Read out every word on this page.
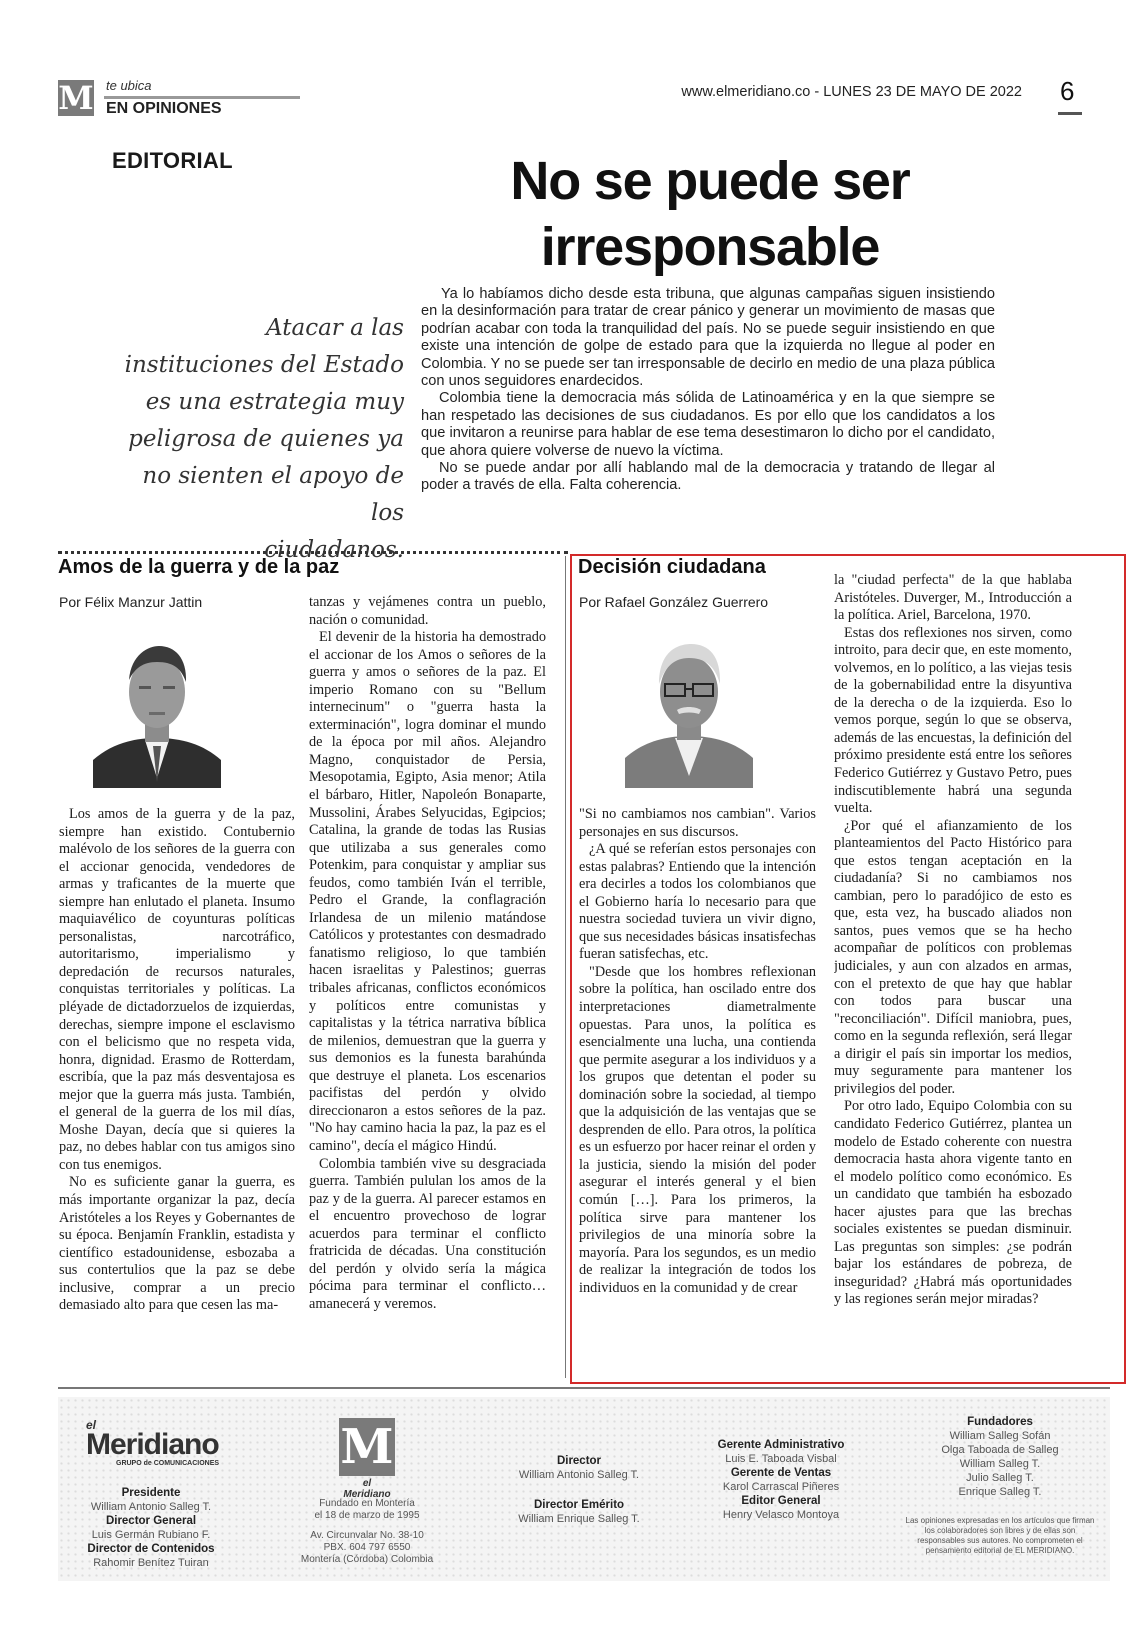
M te ubica
EN OPINIONES
www.elmeridiano.co - LUNES 23 DE MAYO DE 2022 6
EDITORIAL	No se puede ser
irresponsable
Atacar a las
instituciones del Estado
es una estrategia muy
peligrosa de quienes ya
no sienten el apoyo de los
ciudadanos.

Ya lo habíamos dicho desde esta tribuna, que algunas campañas siguen insistiendo en la desinformación para tratar de crear pánico y generar un movimiento de masas que podrían acabar con toda la tranquilidad del país. No se puede seguir insistiendo en que existe una intención de golpe de estado para que la izquierda no llegue al poder en Colombia. Y no se puede ser tan irresponsable de decirlo en medio de una plaza pública con unos seguidores enardecidos.

Colombia tiene la democracia más sólida de Latinoamérica y en la que siempre se han respetado las decisiones de sus ciudadanos. Es por ello que los candidatos a los que invitaron a reunirse para hablar de ese tema desestimaron lo dicho por el candidato, que ahora quiere volverse de nuevo la víctima.

No se puede andar por allí hablando mal de la democracia y tratando de llegar al poder a través de ella. Falta coherencia.

Amos de la guerra y de la paz
Por Félix Manzur Jattin

Los amos de la guerra y de la paz, siempre han existido. Contubernio malévolo de los señores de la guerra con el accionar genocida, vendedores de armas y traficantes de la muerte que siempre han enlutado el planeta. Insumo maquiavélico de coyunturas políticas personalistas, narcotráfico, autoritarismo, imperialismo y depredación de recursos naturales, conquistas territoriales y políticas. La pléyade de dictadorzuelos de izquierdas, derechas, siempre impone el esclavismo con el belicismo que no respeta vida, honra, dignidad. Erasmo de Rotterdam, escribía, que la paz más desventajosa es mejor que la guerra más justa. También, el general de la guerra de los mil días, Moshe Dayan, decía que si quieres la paz, no debes hablar con tus amigos sino con tus enemigos.

No es suficiente ganar la guerra, es más importante organizar la paz, decía Aristóteles a los Reyes y Gobernantes de su época. Benjamín Franklin, estadista y científico estadounidense, esbozaba a sus contertulios que la paz se debe inclusive, comprar a un precio demasiado alto para que cesen las ma-

tanzas y vejámenes contra un pueblo, nación o comunidad.

El devenir de la historia ha demostrado el accionar de los Amos o señores de la guerra y amos o señores de la paz. El imperio Romano con su "Bellum internecinum" o "guerra hasta la exterminación", logra dominar el mundo de la época por mil años. Alejandro Magno, conquistador de Persia, Mesopotamia, Egipto, Asia menor; Atila el bárbaro, Hitler, Napoleón Bonaparte, Mussolini, Árabes Selyucidas, Egipcios; Catalina, la grande de todas las Rusias que utilizaba a sus generales como Potenkim, para conquistar y ampliar sus feudos, como también Iván el terrible, Pedro el Grande, la conflagración Irlandesa de un milenio matándose Católicos y protestantes con desmadrado fanatismo religioso, lo que también hacen israelitas y Palestinos; guerras tribales africanas, conflictos económicos y políticos entre comunistas y capitalistas y la tétrica narrativa bíblica de milenios, demuestran que la guerra y sus demonios es la funesta barahúnda que destruye el planeta. Los escenarios pacifistas del perdón y olvido direccionaron a estos señores de la paz. "No hay camino hacia la paz, la paz es el camino", decía el mágico Hindú.

Colombia también vive su desgraciada guerra. También pululan los amos de la paz y de la guerra. Al parecer estamos en el encuentro provechoso de lograr acuerdos para terminar el conflicto fratricida de décadas. Una constitución del perdón y olvido sería la mágica pócima para terminar el conflicto… amanecerá y veremos.

Decisión ciudadana
Por Rafael González Guerrero

"Si no cambiamos nos cambian". Varios personajes en sus discursos.

¿A qué se referían estos personajes con estas palabras? Entiendo que la intención era decirles a todos los colombianos que el Gobierno haría lo necesario para que nuestra sociedad tuviera un vivir digno, que sus necesidades básicas insatisfechas fueran satisfechas, etc.

"Desde que los hombres reflexionan sobre la política, han oscilado entre dos interpretaciones diametralmente opuestas. Para unos, la política es esencialmente una lucha, una contienda que permite asegurar a los individuos y a los grupos que detentan el poder su dominación sobre la sociedad, al tiempo que la adquisición de las ventajas que se desprenden de ello. Para otros, la política es un esfuerzo por hacer reinar el orden y la justicia, siendo la misión del poder asegurar el interés general y el bien común […]. Para los primeros, la política sirve para mantener los privilegios de una minoría sobre la mayoría. Para los segundos, es un medio de realizar la integración de todos los individuos en la comunidad y de crear

la "ciudad perfecta" de la que hablaba Aristóteles. Duverger, M., Introducción a la política. Ariel, Barcelona, 1970.

Estas dos reflexiones nos sirven, como introito, para decir que, en este momento, volvemos, en lo político, a las viejas tesis de la gobernabilidad entre la disyuntiva de la derecha o de la izquierda. Eso lo vemos porque, según lo que se observa, además de las encuestas, la definición del próximo presidente está entre los señores Federico Gutiérrez y Gustavo Petro, pues indiscutiblemente habrá una segunda vuelta.

¿Por qué el afianzamiento de los planteamientos del Pacto Histórico para que estos tengan aceptación en la ciudadanía? Si no cambiamos nos cambian, pero lo paradójico de esto es que, esta vez, ha buscado aliados non santos, pues vemos que se ha hecho acompañar de políticos con problemas judiciales, y aun con alzados en armas, con el pretexto de que hay que hablar con todos para buscar una "reconciliación". Difícil maniobra, pues, como en la segunda reflexión, será llegar a dirigir el país sin importar los medios, muy seguramente para mantener los privilegios del poder.

Por otro lado, Equipo Colombia con su candidato Federico Gutiérrez, plantea un modelo de Estado coherente con nuestra democracia hasta ahora vigente tanto en el modelo político como económico. Es un candidato que también ha esbozado hacer ajustes para que las brechas sociales existentes se puedan disminuir. Las preguntas son simples: ¿se podrán bajar los estándares de pobreza, de inseguridad? ¿Habrá más oportunidades y las regiones serán mejor miradas?

el
Meridiano
GRUPO de COMUNICACIONES
Presidente
William Antonio Salleg T.
Director General
Luis Germán Rubiano F.
Director de Contenidos
Rahomir Benítez Tuiran
M
el Meridiano
Fundado en Montería
el 18 de marzo de 1995
Av. Circunvalar No. 38-10
PBX. 604 797 6550
Montería (Córdoba) Colombia
Director
William Antonio Salleg T.
Director Emérito
William Enrique Salleg T.
Gerente Administrativo
Luis E. Taboada Visbal
Gerente de Ventas
Karol Carrascal Piñeres
Editor General
Henry Velasco Montoya
Fundadores
William Salleg Sofán
Olga Taboada de Salleg
William Salleg T.
Julio Salleg T.
Enrique Salleg T.
Las opiniones expresadas en los artículos que firman los colaboradores son libres y de ellas son responsables sus autores. No comprometen el pensamiento editorial de EL MERIDIANO.
